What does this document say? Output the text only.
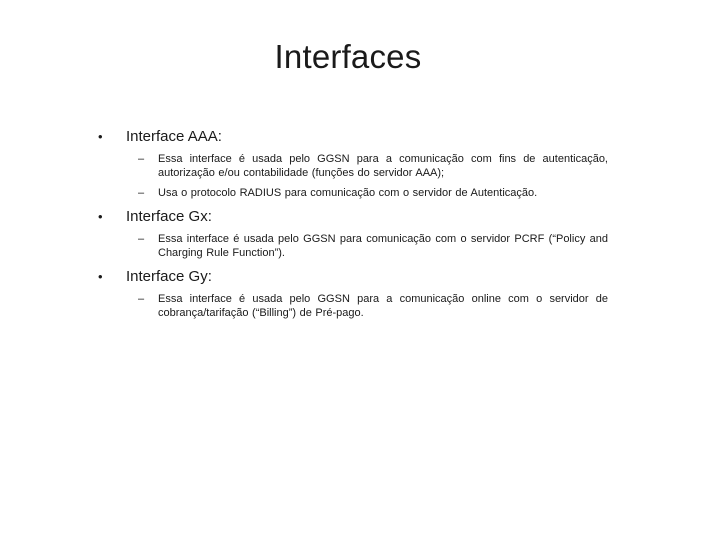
Interfaces
• Interface AAA:
– Essa interface é usada pelo GGSN para a comunicação com fins de autenticação, autorização e/ou contabilidade (funções do servidor AAA);
– Usa o protocolo RADIUS para comunicação com o servidor de Autenticação.
• Interface Gx:
– Essa interface é usada pelo GGSN para comunicação com o servidor PCRF (“Policy and Charging Rule Function”).
• Interface Gy:
– Essa interface é usada pelo GGSN para a comunicação online com o servidor de cobrança/tarifação (“Billing”) de Pré-pago.
